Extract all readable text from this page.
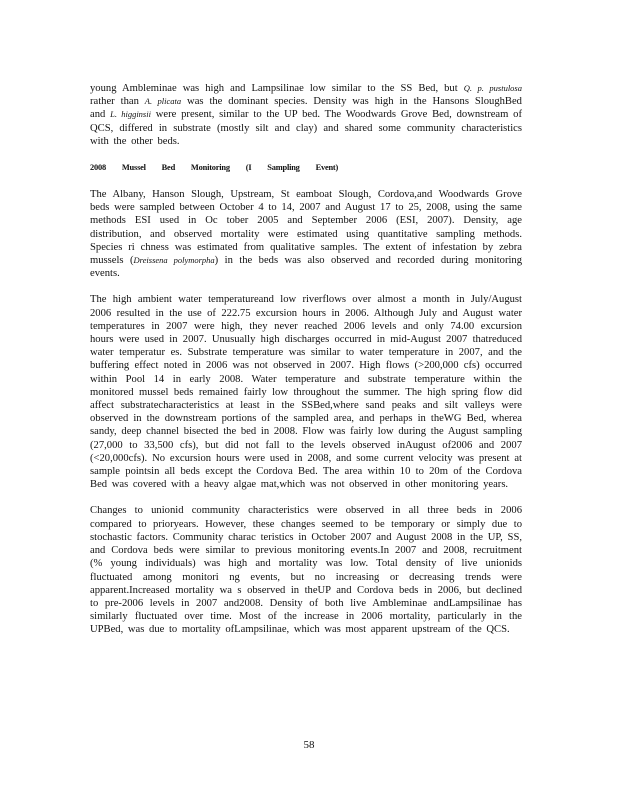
young Ambleminae was high and Lampsilinae low similar to the SS Bed, but Q. p. pustulosa rather than A. plicata was the dominant species. Density was high in the Hansons SloughBed and L. higginsii were present, similar to the UP bed. The Woodwards Grove Bed, downstream of QCS, differed in substrate (mostly silt and clay) and shared some community characteristics with the other beds.

2008 Mussel Bed Monitoring (I Sampling Event)

The Albany, Hanson Slough, Upstream, St eamboat Slough, Cordova,and Woodwards Grove beds were sampled between October 4 to 14, 2007 and August 17 to 25, 2008, using the same methods ESI used in Oc tober 2005 and September 2006 (ESI, 2007). Density, age distribution, and observed mortality were estimated using quantitative sampling methods. Species ri chness was estimated from qualitative samples. The extent of infestation by zebra mussels (Dreissena polymorpha) in the beds was also observed and recorded during monitoring events.

The high ambient water temperatureand low riverflows over almost a month in July/August 2006 resulted in the use of 222.75 excursion hours in 2006. Although July and August water temperatures in 2007 were high, they never reached 2006 levels and only 74.00 excursion hours were used in 2007. Unusually high discharges occurred in mid-August 2007 thatreduced water temperatur es. Substrate temperature was similar to water temperature in 2007, and the buffering effect noted in 2006 was not observed in 2007. High flows (>200,000 cfs) occurred within Pool 14 in early 2008. Water temperature and substrate temperature within the monitored mussel beds remained fairly low throughout the summer. The high spring flow did affect substratecharacteristics at least in the SSBed,where sand peaks and silt valleys were observed in the downstream portions of the sampled area, and perhaps in theWG Bed, wherea sandy, deep channel bisected the bed in 2008. Flow was fairly low during the August sampling (27,000 to 33,500 cfs), but did not fall to the levels observed inAugust of2006 and 2007 (<20,000cfs). No excursion hours were used in 2008, and some current velocity was present at sample pointsin all beds except the Cordova Bed. The area within 10 to 20m of the Cordova Bed was covered with a heavy algae mat,which was not observed in other monitoring years.

Changes to unionid community characteristics were observed in all three beds in 2006 compared to prioryears. However, these changes seemed to be temporary or simply due to stochastic factors. Community charac teristics in October 2007 and August 2008 in the UP, SS, and Cordova beds were similar to previous monitoring events.In 2007 and 2008, recruitment (% young individuals) was high and mortality was low. Total density of live unionids fluctuated among monitori ng events, but no increasing or decreasing trends were apparent.Increased mortality wa s observed in theUP and Cordova beds in 2006, but declined to pre-2006 levels in 2007 and2008. Density of both live Ambleminae andLampsilinae has similarly fluctuated over time. Most of the increase in 2006 mortality, particularly in the UPBed, was due to mortality ofLampsilinae, which was most apparent upstream of the QCS.

58
